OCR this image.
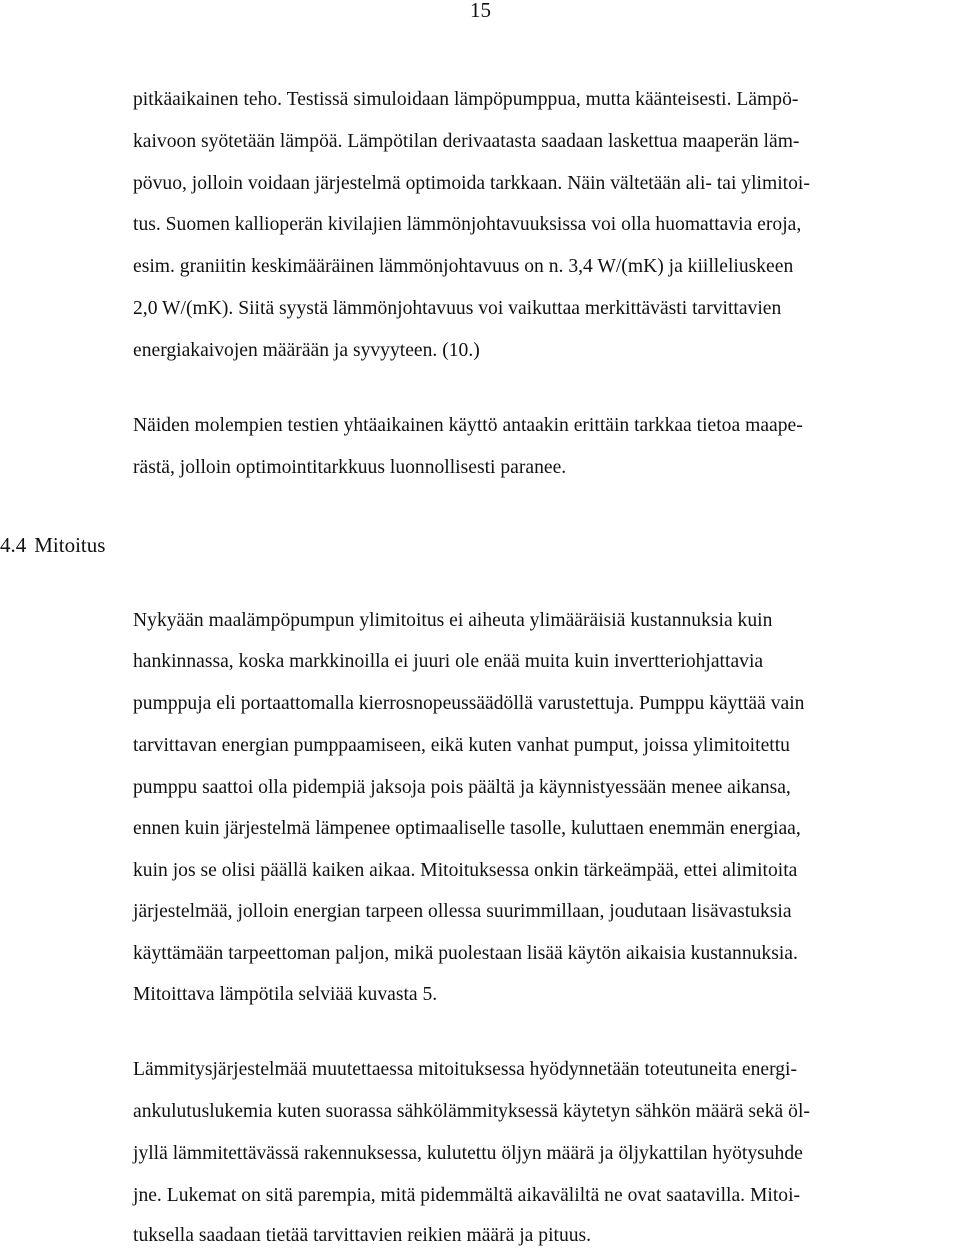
15
pitkäaikainen teho. Testissä simuloidaan lämpöpumppua, mutta käänteisesti. Lämpö-
kaivoon syötetään lämpöä. Lämpötilan derivaatasta saadaan laskettua maaperän läm-
pövuo, jolloin voidaan järjestelmä optimoida tarkkaan. Näin vältetään ali- tai ylimitoi-
tus. Suomen kallioperän kivilajien lämmönjohtavuuksissa voi olla huomattavia eroja,
esim. graniitin keskimääräinen lämmönjohtavuus on n. 3,4 W/(mK) ja kiilleliuskeen
2,0 W/(mK). Siitä syystä lämmönjohtavuus voi vaikuttaa merkittävästi tarvittavien
energiakaivojen määrään ja syvyyteen. (10.)
Näiden molempien testien yhtäaikainen käyttö antaakin erittäin tarkkaa tietoa maape-
rästä, jolloin optimointitarkkuus luonnollisesti paranee.
4.4 Mitoitus
Nykyään maalämpöpumpun ylimitoitus ei aiheuta ylimääräisiä kustannuksia kuin
hankinnassa, koska markkinoilla ei juuri ole enää muita kuin invertteriohjattavia
pumppuja eli portaattomalla kierrosnopeussäädöllä varustettuja. Pumppu käyttää vain
tarvittavan energian pumppaamiseen, eikä kuten vanhat pumput, joissa ylimitoitettu
pumppu saattoi olla pidempiä jaksoja pois päältä ja käynnistyessään menee aikansa,
ennen kuin järjestelmä lämpenee optimaaliselle tasolle, kuluttaen enemmän energiaa,
kuin jos se olisi päällä kaiken aikaa. Mitoituksessa onkin tärkeämpää, ettei alimitoita
järjestelmää, jolloin energian tarpeen ollessa suurimmillaan, joudutaan lisävastuksia
käyttämään tarpeettoman paljon, mikä puolestaan lisää käytön aikaisia kustannuksia.
Mitoittava lämpötila selviää kuvasta 5.
Lämmitysjärjestelmää muutettaessa mitoituksessa hyödynnetään toteutuneita energi-
ankulutuslukemia kuten suorassa sähkölämmityksessä käytetyn sähkön määrä sekä öl-
jyllä lämmitettävässä rakennuksessa, kulutettu öljyn määrä ja öljykattilan hyötysuhde
jne. Lukemat on sitä parempia, mitä pidemmältä aikaväliltä ne ovat saatavilla. Mitoi-
tuksella saadaan tietää tarvittavien reikien määrä ja pituus.
